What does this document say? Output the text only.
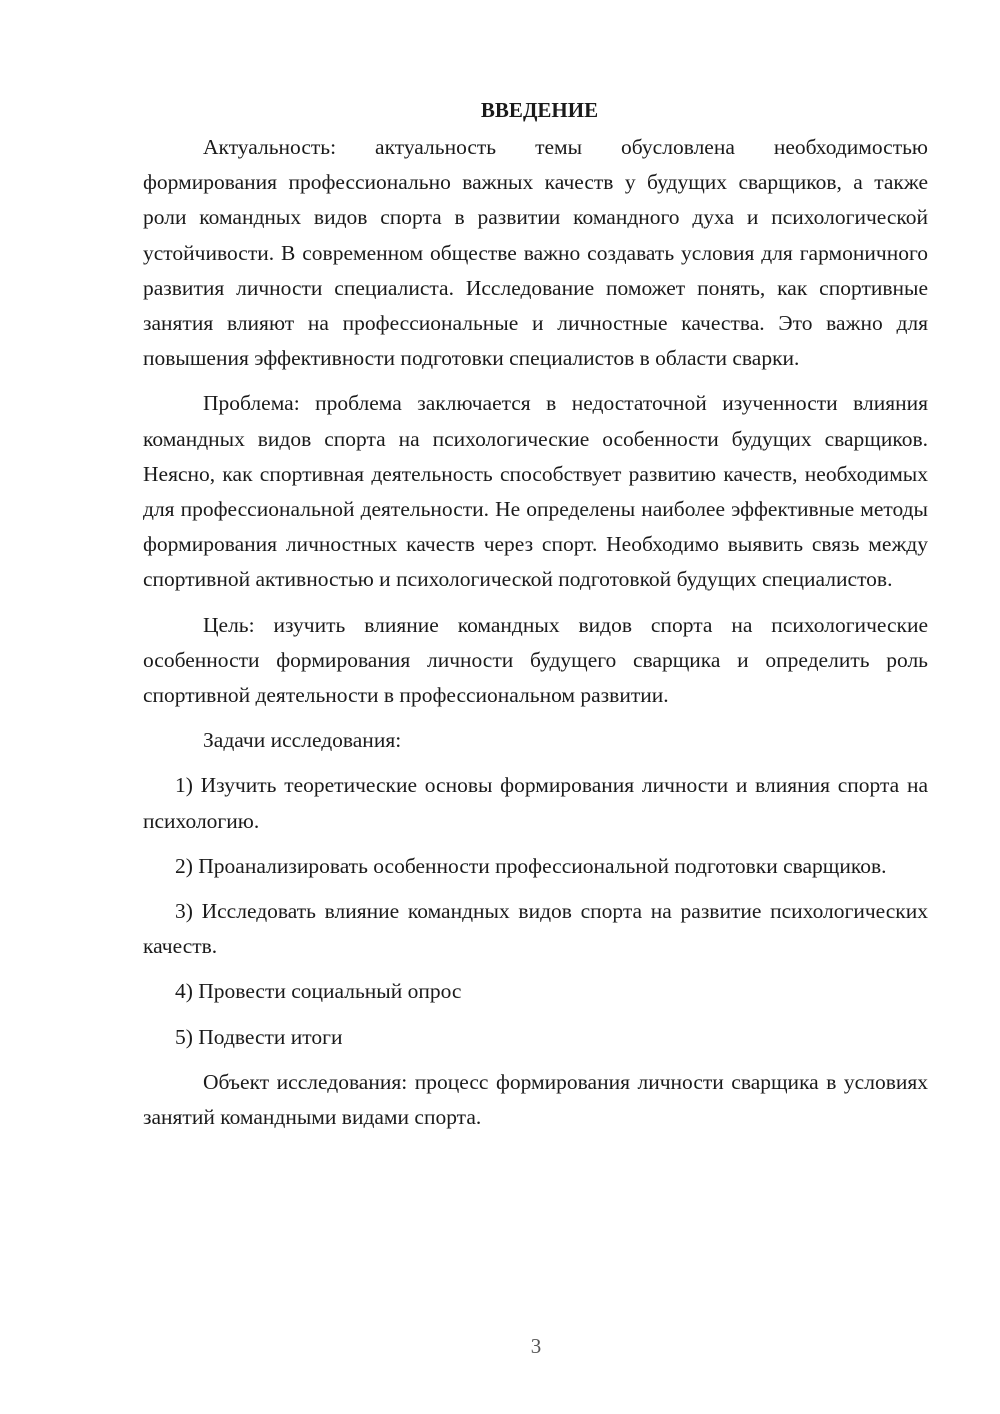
ВВЕДЕНИЕ

Актуальность: актуальность темы обусловлена необходимостью формирования профессионально важных качеств у будущих сварщиков, а также роли командных видов спорта в развитии командного духа и психологической устойчивости. В современном обществе важно создавать условия для гармоничного развития личности специалиста. Исследование поможет понять, как спортивные занятия влияют на профессиональные и личностные качества. Это важно для повышения эффективности подготовки специалистов в области сварки.

Проблема: проблема заключается в недостаточной изученности влияния командных видов спорта на психологические особенности будущих сварщиков. Неясно, как спортивная деятельность способствует развитию качеств, необходимых для профессиональной деятельности. Не определены наиболее эффективные методы формирования личностных качеств через спорт. Необходимо выявить связь между спортивной активностью и психологической подготовкой будущих специалистов.

Цель: изучить влияние командных видов спорта на психологические особенности формирования личности будущего сварщика и определить роль спортивной деятельности в профессиональном развитии.

Задачи исследования:

1) Изучить теоретические основы формирования личности и влияния спорта на психологию.

2) Проанализировать особенности профессиональной подготовки сварщиков.

3) Исследовать влияние командных видов спорта на развитие психологических качеств.

4) Провести социальный опрос

5) Подвести итоги

Объект исследования: процесс формирования личности сварщика в условиях занятий командными видами спорта.

3
